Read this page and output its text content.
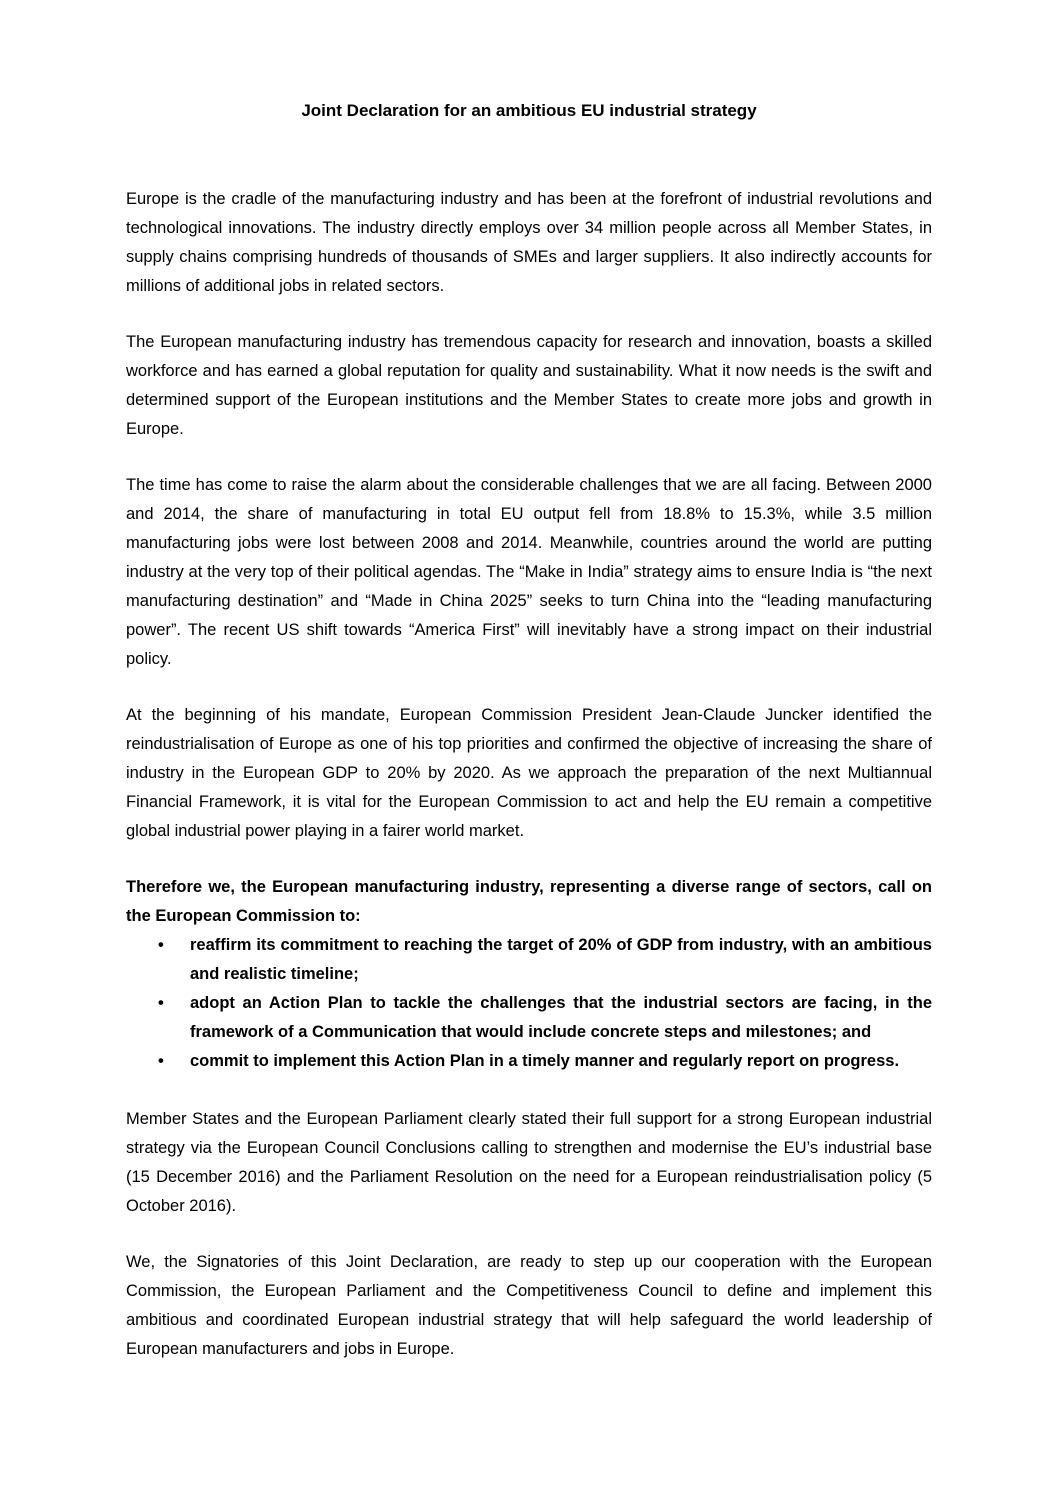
Joint Declaration for an ambitious EU industrial strategy

Europe is the cradle of the manufacturing industry and has been at the forefront of industrial revolutions and technological innovations. The industry directly employs over 34 million people across all Member States, in supply chains comprising hundreds of thousands of SMEs and larger suppliers. It also indirectly accounts for millions of additional jobs in related sectors.

The European manufacturing industry has tremendous capacity for research and innovation, boasts a skilled workforce and has earned a global reputation for quality and sustainability. What it now needs is the swift and determined support of the European institutions and the Member States to create more jobs and growth in Europe.

The time has come to raise the alarm about the considerable challenges that we are all facing. Between 2000 and 2014, the share of manufacturing in total EU output fell from 18.8% to 15.3%, while 3.5 million manufacturing jobs were lost between 2008 and 2014. Meanwhile, countries around the world are putting industry at the very top of their political agendas. The “Make in India” strategy aims to ensure India is “the next manufacturing destination” and “Made in China 2025” seeks to turn China into the “leading manufacturing power”. The recent US shift towards “America First” will inevitably have a strong impact on their industrial policy.

At the beginning of his mandate, European Commission President Jean-Claude Juncker identified the reindustrialisation of Europe as one of his top priorities and confirmed the objective of increasing the share of industry in the European GDP to 20% by 2020. As we approach the preparation of the next Multiannual Financial Framework, it is vital for the European Commission to act and help the EU remain a competitive global industrial power playing in a fairer world market.

Therefore we, the European manufacturing industry, representing a diverse range of sectors, call on the European Commission to:

• reaffirm its commitment to reaching the target of 20% of GDP from industry, with an ambitious and realistic timeline;
• adopt an Action Plan to tackle the challenges that the industrial sectors are facing, in the framework of a Communication that would include concrete steps and milestones; and
• commit to implement this Action Plan in a timely manner and regularly report on progress.

Member States and the European Parliament clearly stated their full support for a strong European industrial strategy via the European Council Conclusions calling to strengthen and modernise the EU’s industrial base (15 December 2016) and the Parliament Resolution on the need for a European reindustrialisation policy (5 October 2016).

We, the Signatories of this Joint Declaration, are ready to step up our cooperation with the European Commission, the European Parliament and the Competitiveness Council to define and implement this ambitious and coordinated European industrial strategy that will help safeguard the world leadership of European manufacturers and jobs in Europe.
